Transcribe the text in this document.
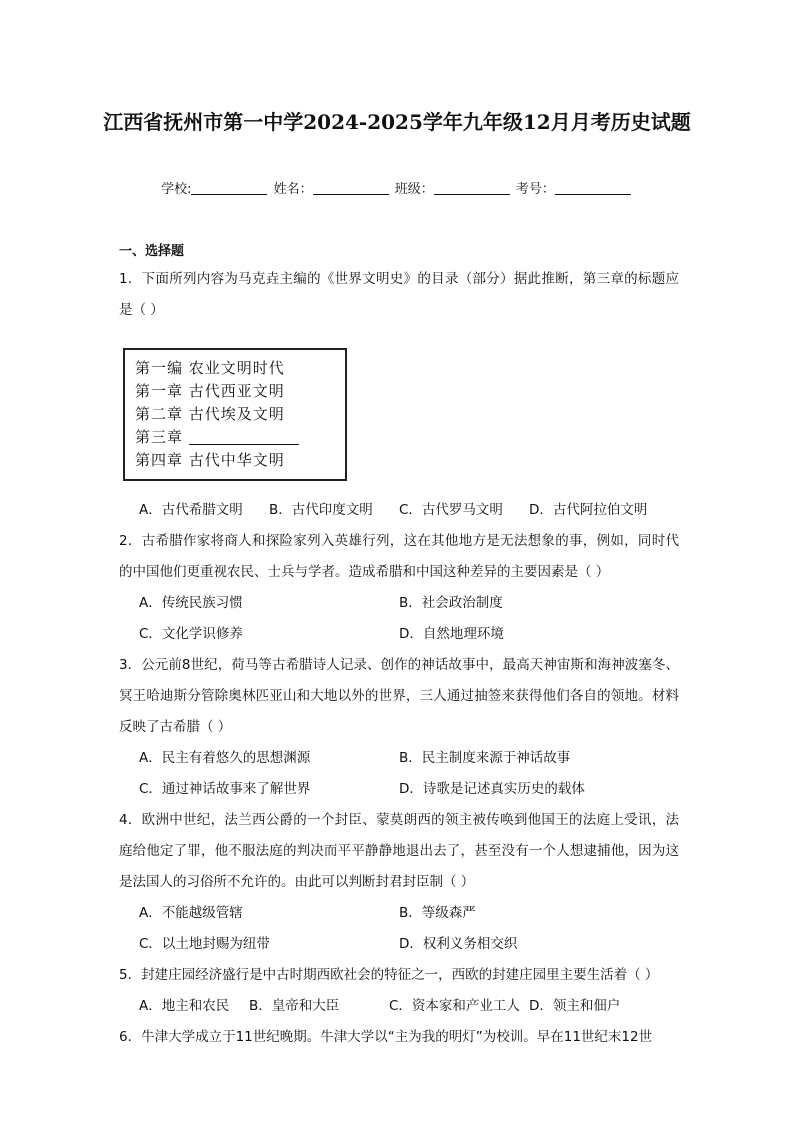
江西省抚州市第一中学2024-2025学年九年级12月月考历史试题
学校:	姓名：	班级：	考号：
一、选择题
1．下面所列内容为马克垚主编的《世界文明史》的目录（部分）据此推断，第三章的标题应是（ ）
第一编 农业文明时代
第一章 古代西亚文明
第二章 古代埃及文明
第三章
第四章 古代中华文明
A．古代希腊文明	B．古代印度文明	C．古代罗马文明	D．古代阿拉伯文明
2．古希腊作家将商人和探险家列入英雄行列，这在其他地方是无法想象的事，例如，同时代的中国他们更重视农民、士兵与学者。造成希腊和中国这种差异的主要因素是（ ）
A．传统民族习惯	B．社会政治制度
C．文化学识修养	D．自然地理环境
3．公元前8世纪，荷马等古希腊诗人记录、创作的神话故事中，最高天神宙斯和海神波塞冬、冥王哈迪斯分管除奥林匹亚山和大地以外的世界，三人通过抽签来获得他们各自的领地。材料反映了古希腊（ ）
A．民主有着悠久的思想渊源	B．民主制度来源于神话故事
C．通过神话故事来了解世界	D．诗歌是记述真实历史的载体
4．欧洲中世纪，法兰西公爵的一个封臣、蒙莫朗西的领主被传唤到他国王的法庭上受讯，法庭给他定了罪，他不服法庭的判决而平平静静地退出去了，甚至没有一个人想逮捕他，因为这是法国人的习俗所不允许的。由此可以判断封君封臣制（ ）
A．不能越级管辖	B．等级森严
C．以土地封赐为纽带	D．权利义务相交织
5．封建庄园经济盛行是中古时期西欧社会的特征之一，西欧的封建庄园里主要生活着（ ）
A．地主和农民	B．皇帝和大臣	C．资本家和产业工人 D．领主和佃户
6．牛津大学成立于11世纪晚期。牛津大学以“主为我的明灯”为校训。早在11世纪末12世
